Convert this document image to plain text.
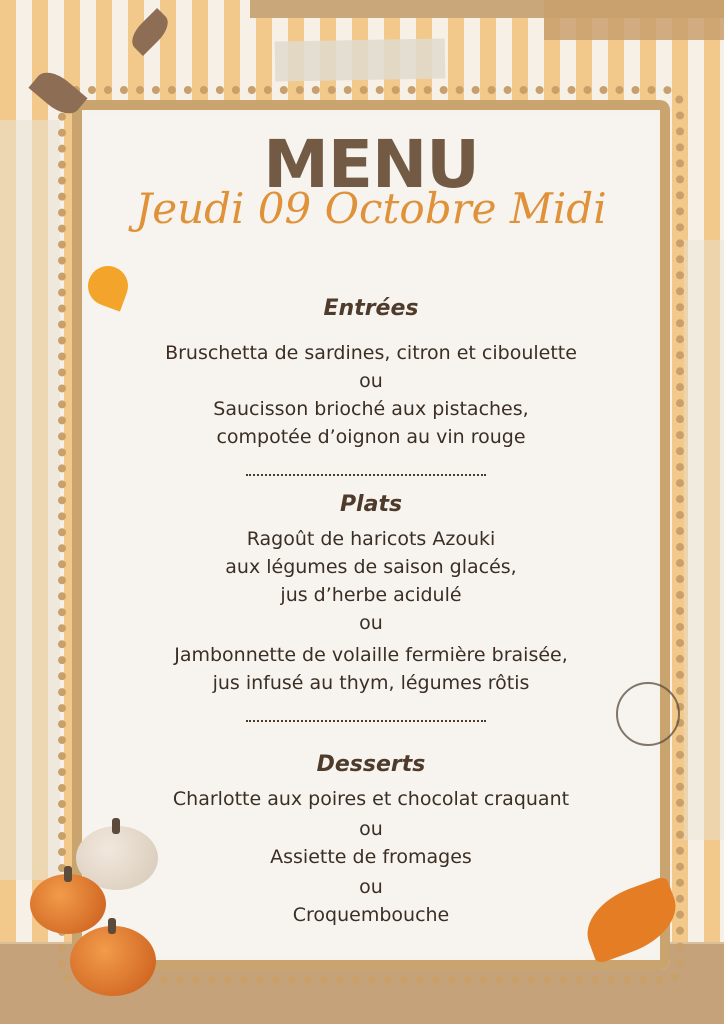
MENU
Jeudi 09 Octobre Midi
Entrées
Bruschetta de sardines, citron et ciboulette
ou
Saucisson brioché aux pistaches,
compotée d’oignon au vin rouge
Plats
Ragoût de haricots Azouki
aux légumes de saison glacés,
jus d’herbe acidulé
ou
Jambonnette de volaille fermière braisée,
jus infusé au thym, légumes rôtis
Desserts
Charlotte aux poires et chocolat craquant
ou
Assiette de fromages
ou
Croquembouche
